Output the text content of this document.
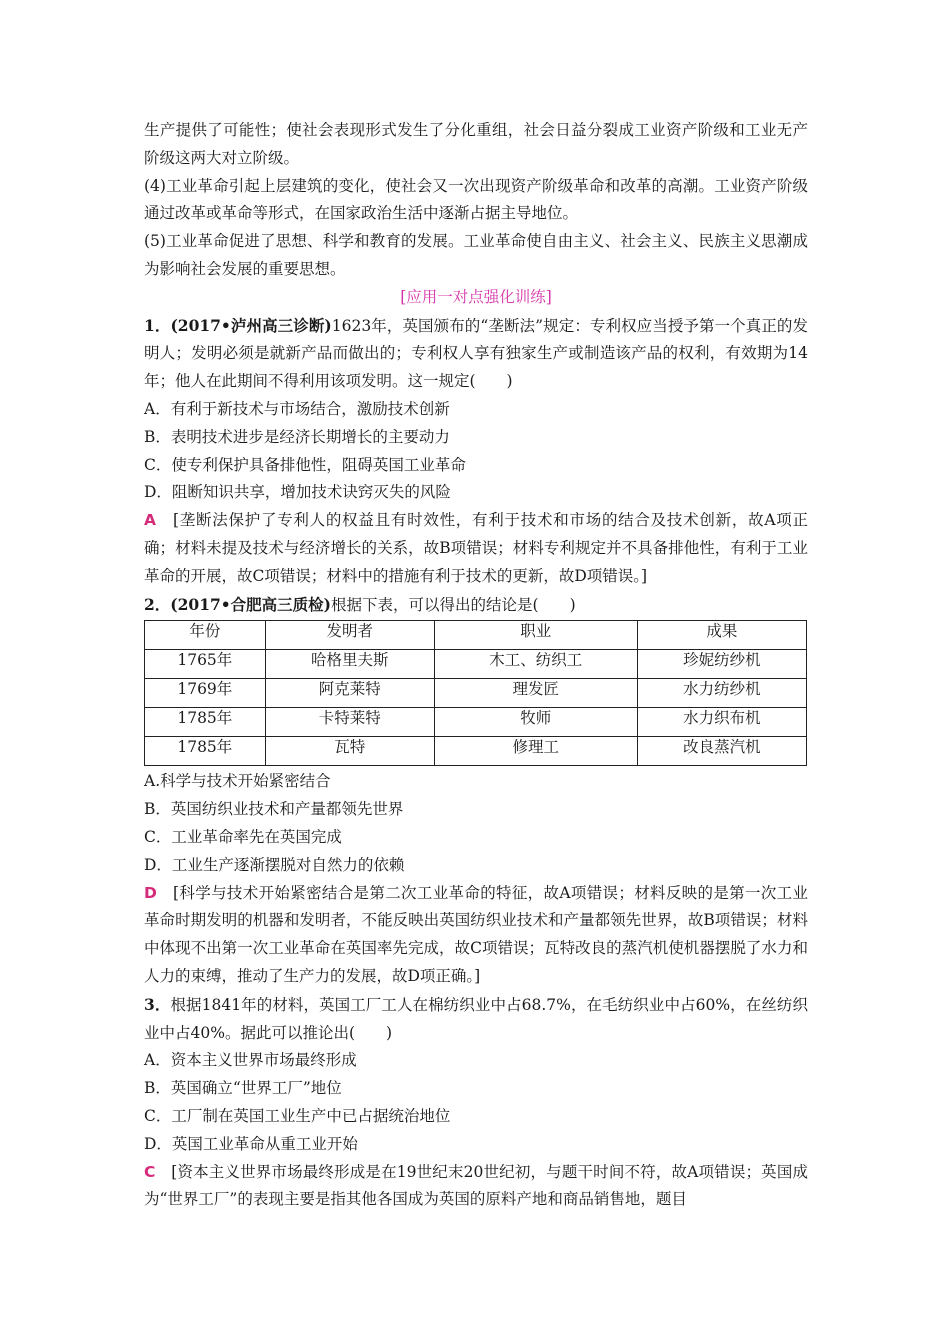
生产提供了可能性；使社会表现形式发生了分化重组，社会日益分裂成工业资产阶级和工业无产阶级这两大对立阶级。

(4)工业革命引起上层建筑的变化，使社会又一次出现资产阶级革命和改革的高潮。工业资产阶级通过改革或革命等形式，在国家政治生活中逐渐占据主导地位。

(5)工业革命促进了思想、科学和教育的发展。工业革命使自由主义、社会主义、民族主义思潮成为影响社会发展的重要思想。

[应用一对点强化训练]

1．(2017•泸州高三诊断)1623年，英国颁布的“垄断法”规定：专利权应当授予第一个真正的发明人；发明必须是就新产品而做出的；专利权人享有独家生产或制造该产品的权利，有效期为14年；他人在此期间不得利用该项发明。这一规定(　　)

A．有利于新技术与市场结合，激励技术创新

B．表明技术进步是经济长期增长的主要动力

C．使专利保护具备排他性，阻碍英国工业革命

D．阻断知识共享，增加技术诀窍灭失的风险

A　 [垄断法保护了专利人的权益且有时效性，有利于技术和市场的结合及技术创新，故A项正确；材料未提及技术与经济增长的关系，故B项错误；材料专利规定并不具备排他性，有利于工业革命的开展，故C项错误；材料中的措施有利于技术的更新，故D项错误。]

2．(2017•合肥高三质检)根据下表，可以得出的结论是(　　)

年份	发明者	职业	成果
1765年	哈格里夫斯	木工、纺织工	珍妮纺纱机
1769年	阿克莱特	理发匠	水力纺纱机
1785年	卡特莱特	牧师	水力织布机
1785年	瓦特	修理工	改良蒸汽机

A.科学与技术开始紧密结合

B．英国纺织业技术和产量都领先世界

C．工业革命率先在英国完成

D．工业生产逐渐摆脱对自然力的依赖

D　 [科学与技术开始紧密结合是第二次工业革命的特征，故A项错误；材料反映的是第一次工业革命时期发明的机器和发明者，不能反映出英国纺织业技术和产量都领先世界，故B项错误；材料中体现不出第一次工业革命在英国率先完成，故C项错误；瓦特改良的蒸汽机使机器摆脱了水力和人力的束缚，推动了生产力的发展，故D项正确。]

3．根据1841年的材料，英国工厂工人在棉纺织业中占68.7%，在毛纺织业中占60%，在丝纺织业中占40%。据此可以推论出(　　)

A．资本主义世界市场最终形成

B．英国确立“世界工厂”地位

C．工厂制在英国工业生产中已占据统治地位

D．英国工业革命从重工业开始

C　 [资本主义世界市场最终形成是在19世纪末20世纪初，与题干时间不符，故A项错误；英国成为“世界工厂”的表现主要是指其他各国成为英国的原料产地和商品销售地，题目
